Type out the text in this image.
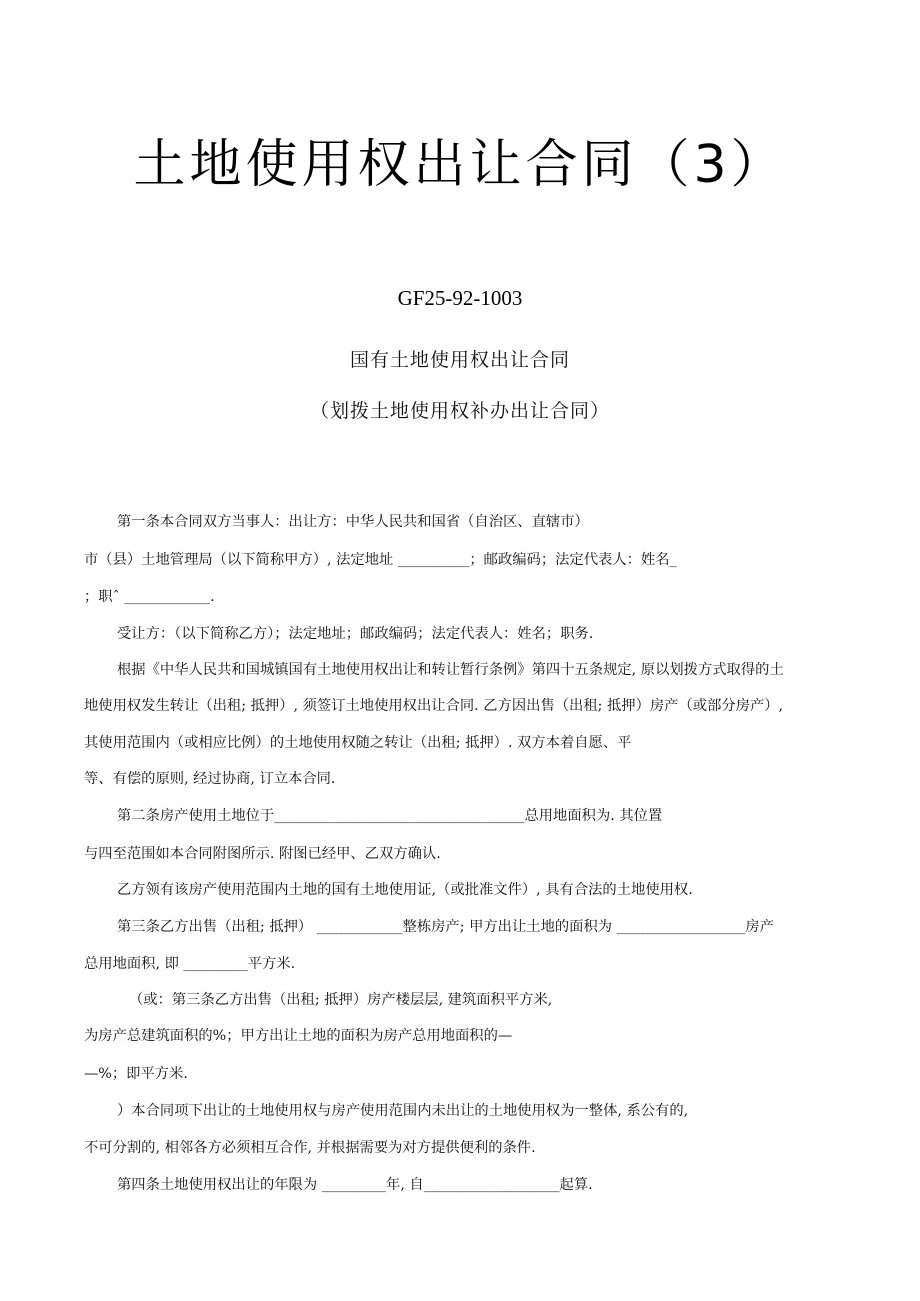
土地使用权出让合同（3）
GF25-92-1003
国有土地使用权出让合同
（划拨土地使用权补办出让合同）
第一条本合同双方当事人：出让方：中华人民共和国省（自治区、直辖市）
市（县）土地管理局（以下简称甲方）, 法定地址 __________；邮政编码；法定代表人：姓名_
；职ˆ ____________.
受让方：（以下简称乙方）；法定地址；邮政编码；法定代表人：姓名；职务.
根据《中华人民共和国城镇国有土地使用权出让和转让暂行条例》第四十五条规定, 原以划拨方式取得的土
地使用权发生转让（出租; 抵押）, 须签订土地使用权出让合同. 乙方因出售（出租; 抵押）房产（或部分房产）,
其使用范围内（或相应比例）的土地使用权随之转让（出租; 抵押）. 双方本着自愿、平
等、有偿的原则, 经过协商, 订立本合同.
第二条房产使用土地位于___________________________________总用地面积为. 其位置
与四至范围如本合同附图所示. 附图已经甲、乙双方确认.
乙方领有该房产使用范围内土地的国有土地使用证,（或批准文件）, 具有合法的土地使用权.
第三条乙方出售（出租; 抵押） ____________整栋房产; 甲方出让土地的面积为 __________________房产
总用地面积, 即 _________平方米.
（或：第三条乙方出售（出租; 抵押）房产楼层层, 建筑面积平方米,
为房产总建筑面积的%；甲方出让土地的面积为房产总用地面积的—
—%；即平方米.
）本合同项下出让的土地使用权与房产使用范围内未出让的土地使用权为一整体, 系公有的,
不可分割的, 相邻各方必须相互合作, 并根据需要为对方提供便利的条件.
第四条土地使用权出让的年限为 _________年, 自___________________起算.
